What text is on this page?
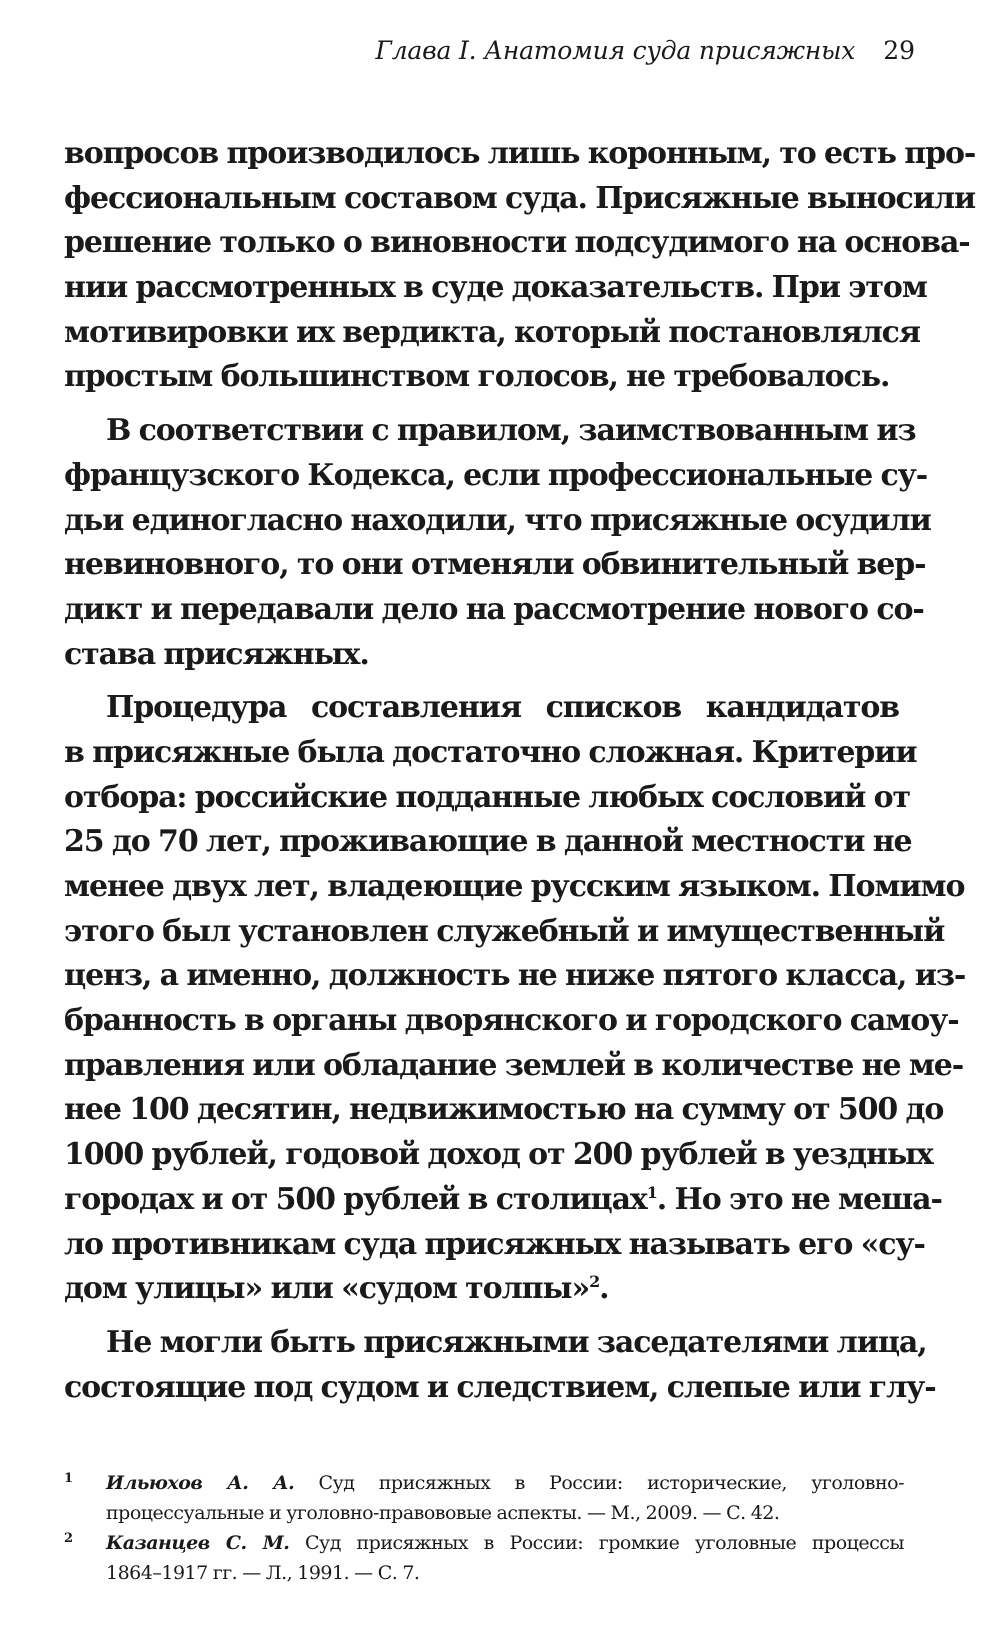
Глава I. Анатомия суда присяжных 29
вопросов производилось лишь коронным, то есть про-
фессиональным составом суда. Присяжные выносили
решение только о виновности подсудимого на основа-
нии рассмотренных в суде доказательств. При этом
мотивировки их вердикта, который постановлялся
простым большинством голосов, не требовалось.
В соответствии с правилом, заимствованным из
французского Кодекса, если профессиональные су-
дьи единогласно находили, что присяжные осудили
невиновного, то они отменяли обвинительный вер-
дикт и передавали дело на рассмотрение нового со-
става присяжных.
Процедура составления списков кандидатов
в присяжные была достаточно сложная. Критерии
отбора: российские подданные любых сословий от
25 до 70 лет, проживающие в данной местности не
менее двух лет, владеющие русским языком. Помимо
этого был установлен служебный и имущественный
ценз, а именно, должность не ниже пятого класса, из-
бранность в органы дворянского и городского самоу-
правления или обладание землей в количестве не ме-
нее 100 десятин, недвижимостью на сумму от 500 до
1000 рублей, годовой доход от 200 рублей в уездных
городах и от 500 рублей в столицах$^1$. Но это не меша-
ло противникам суда присяжных называть его «су-
дом улицы» или «судом толпы»$^2$.
Не могли быть присяжными заседателями лица,
состоящие под судом и следствием, слепые или глу-
1 Ильюхов А. А. Суд присяжных в России: исторические, уголовно-
процессуальные и уголовно-правововые аспекты. — М., 2009. — С. 42.
2 Казанцев С. М. Суд присяжных в России: громкие уголовные процессы
1864–1917 гг. — Л., 1991. — С. 7.
